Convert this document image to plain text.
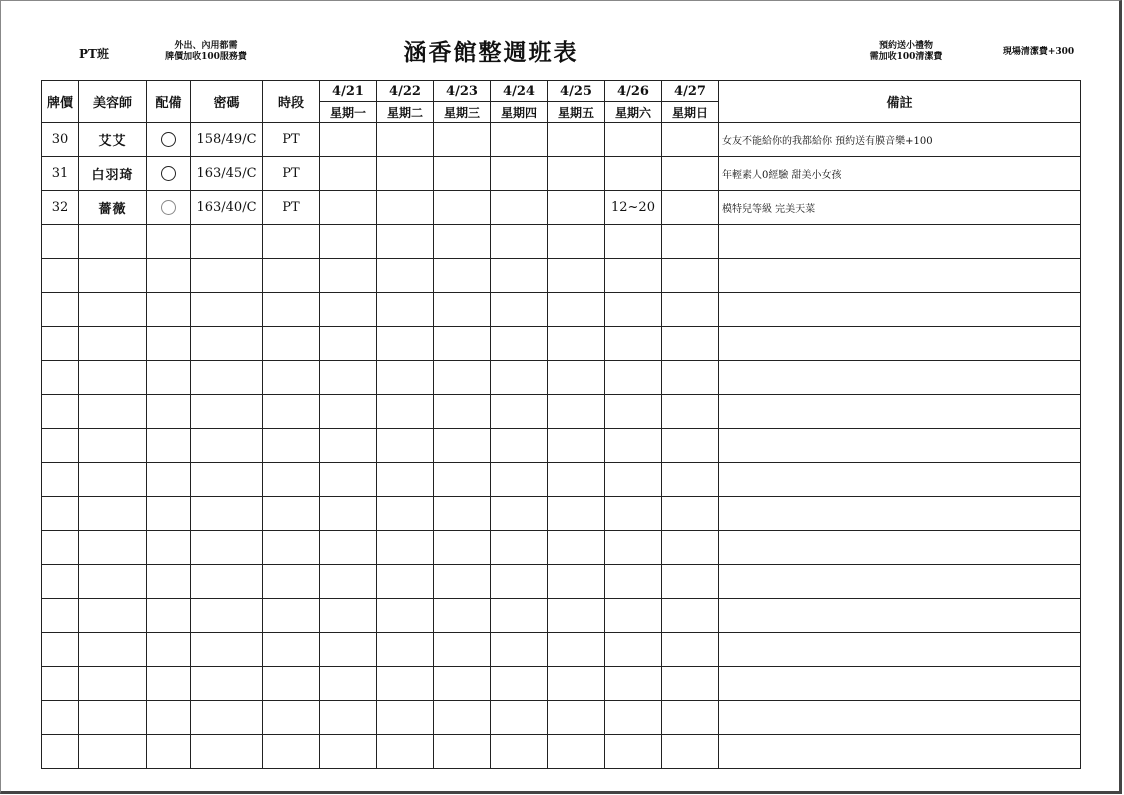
PT班
外出、內用都需
牌價加收100服務費	涵香館整週班表	預約送小禮物
需加收100清潔費
現場清潔費+300
牌價	美容師	配備	密碼	時段	4/21	4/22	4/23	4/24	4/25	4/26	4/27	備註
					星期一	星期二	星期三	星期四	星期五	星期六	星期日	
30	艾艾		158/49/C	PT								女友不能給你的我都給你 預約送有膜音樂+100
31	白羽琦		163/45/C	PT								年輕素人0經驗 甜美小女孩
32	薔薇		163/40/C	PT						12~20		模特兒等級 完美天菜
